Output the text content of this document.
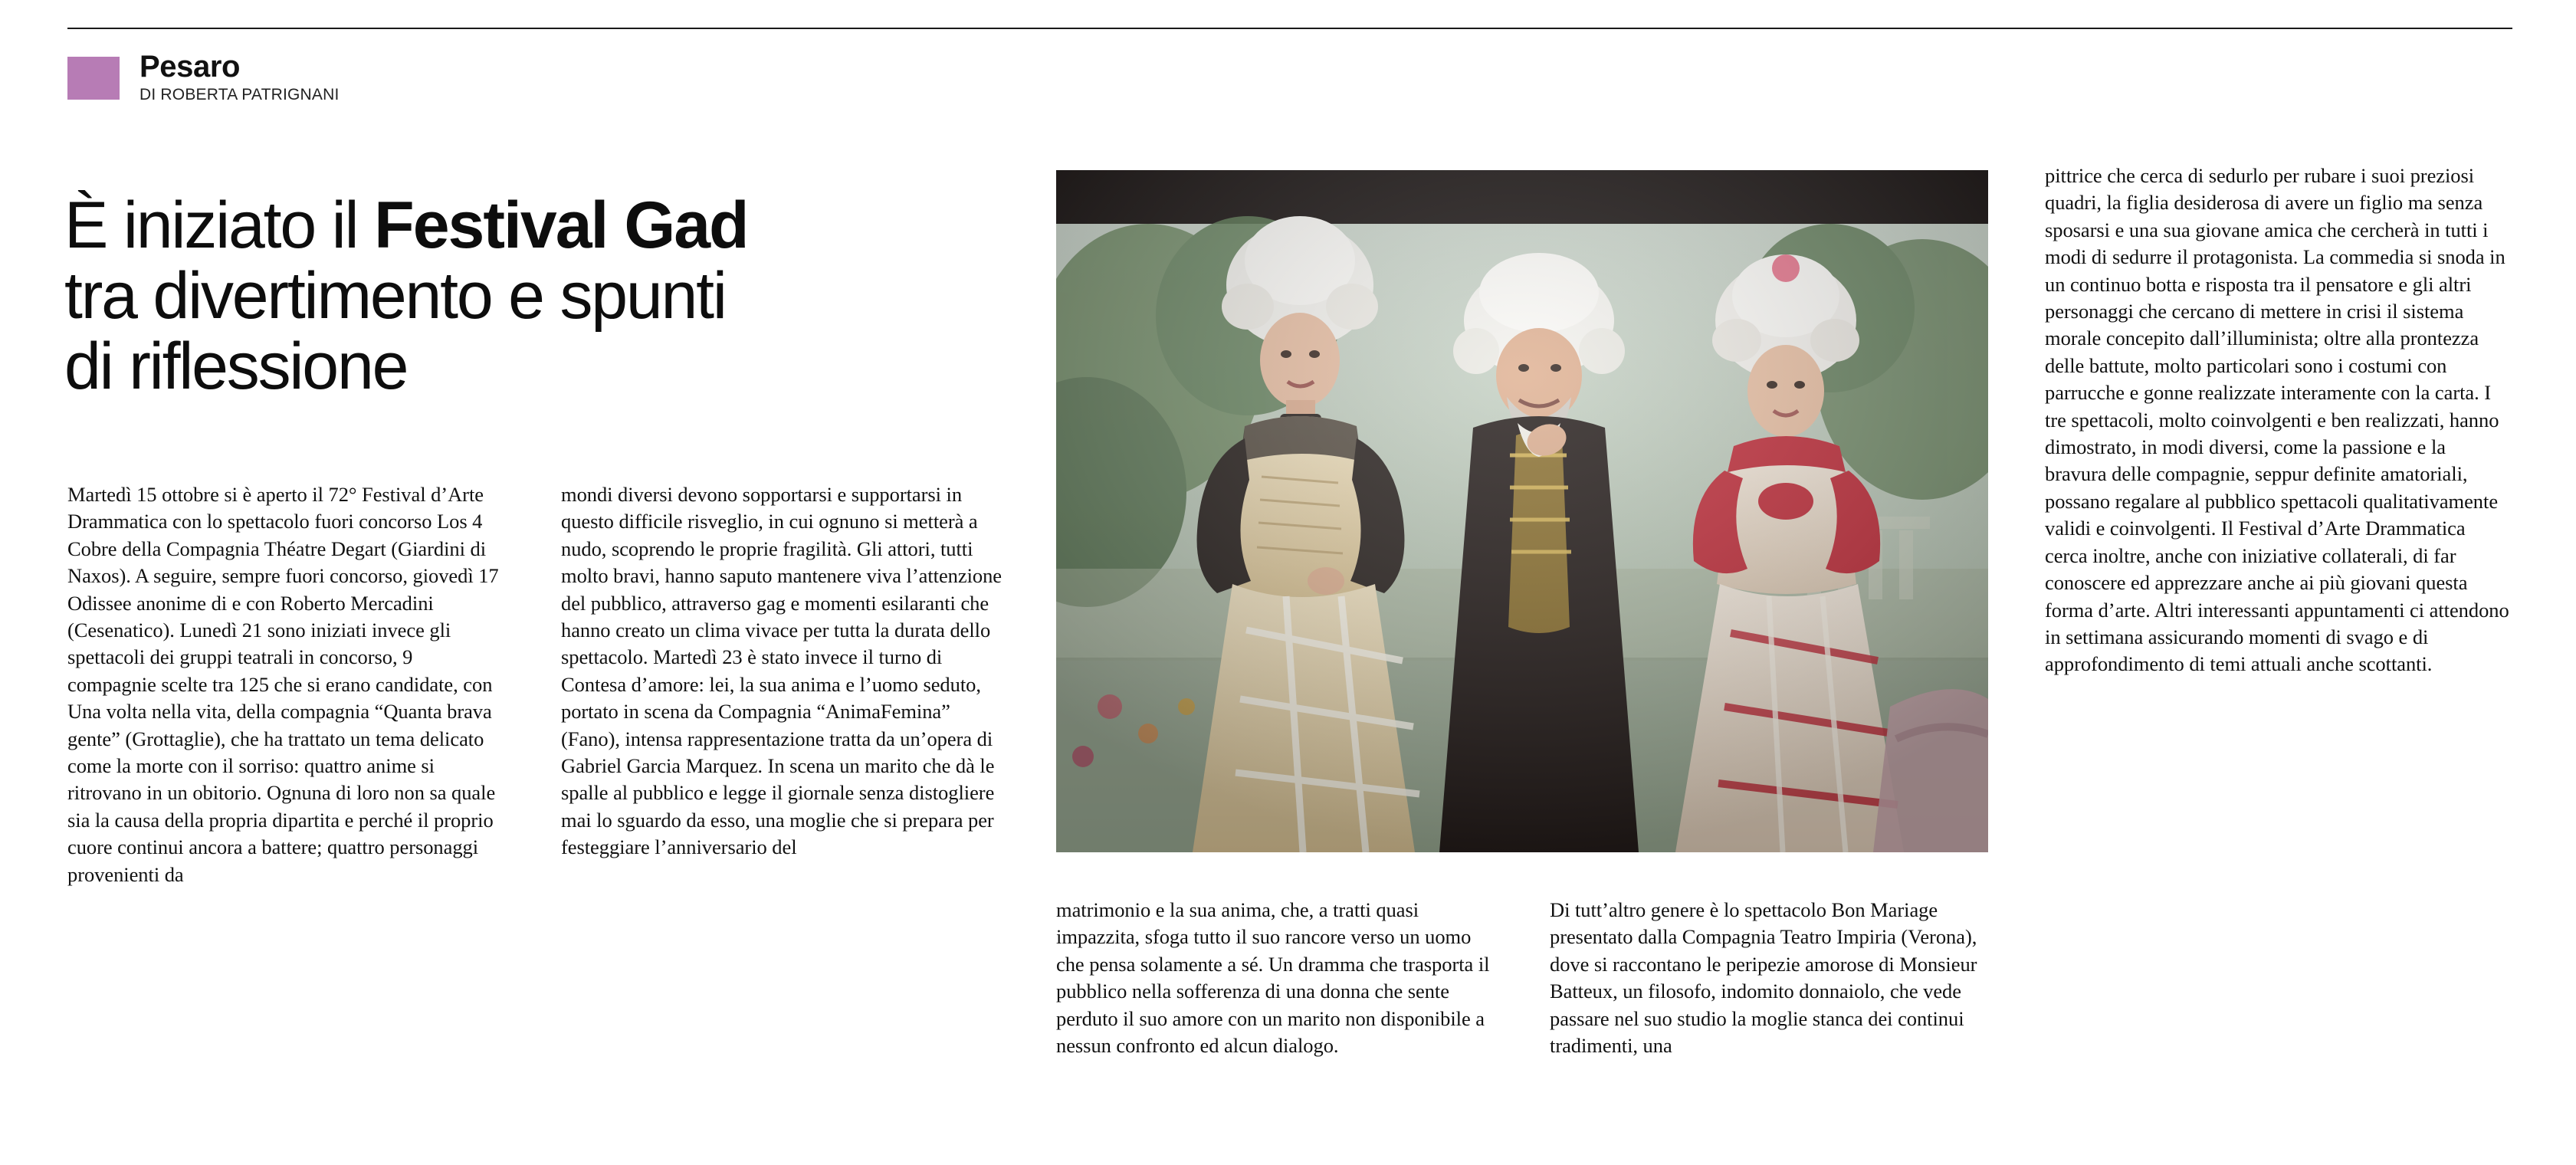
Pesaro
DI ROBERTA PATRIGNANI
È iniziato il Festival Gad
tra divertimento e spunti
di riflessione

Martedì 15 ottobre si è aperto il 72° Festival d’Arte Drammatica con lo spettacolo fuori concorso Los 4 Cobre della Compagnia Théatre Degart (Giardini di Naxos). A seguire, sempre fuori concorso, giovedì 17 Odissee anonime di e con Roberto Mercadini (Cesenatico). Lunedì 21 sono iniziati invece gli spettacoli dei gruppi teatrali in concorso, 9 compagnie scelte tra 125 che si erano candidate, con Una volta nella vita, della compagnia “Quanta brava gente” (Grottaglie), che ha trattato un tema delicato come la morte con il sorriso: quattro anime si ritrovano in un obitorio. Ognuna di loro non sa quale sia la causa della propria dipartita e perché il proprio cuore continui ancora a battere; quattro personaggi provenienti da

mondi diversi devono sopportarsi e supportarsi in questo difficile risveglio, in cui ognuno si metterà a nudo, scoprendo le proprie fragilità. Gli attori, tutti molto bravi, hanno saputo mantenere viva l’attenzione del pubblico, attraverso gag e momenti esilaranti che hanno creato un clima vivace per tutta la durata dello spettacolo. Martedì 23 è stato invece il turno di Contesa d’amore: lei, la sua anima e l’uomo seduto, portato in scena da Compagnia “AnimaFemina” (Fano), intensa rappresentazione tratta da un’opera di Gabriel Garcia Marquez. In scena un marito che dà le spalle al pubblico e legge il giornale senza distogliere mai lo sguardo da esso, una moglie che si prepara per festeggiare l’anniversario del

matrimonio e la sua anima, che, a tratti quasi impazzita, sfoga tutto il suo rancore verso un uomo che pensa solamente a sé. Un dramma che trasporta il pubblico nella sofferenza di una donna che sente perduto il suo amore con un marito non disponibile a nessun confronto ed alcun dialogo.

Di tutt’altro genere è lo spettacolo Bon Mariage presentato dalla Compagnia Teatro Impiria (Verona), dove si raccontano le peripezie amorose di Monsieur Batteux, un filosofo, indomito donnaiolo, che vede passare nel suo studio la moglie stanca dei continui tradimenti, una

pittrice che cerca di sedurlo per rubare i suoi preziosi quadri, la figlia desiderosa di avere un figlio ma senza sposarsi e una sua giovane amica che cercherà in tutti i modi di sedurre il protagonista. La commedia si snoda in un continuo botta e risposta tra il pensatore e gli altri personaggi che cercano di mettere in crisi il sistema morale concepito dall’illuminista; oltre alla prontezza delle battute, molto particolari sono i costumi con parrucche e gonne realizzate interamente con la carta. I tre spettacoli, molto coinvolgenti e ben realizzati, hanno dimostrato, in modi diversi, come la passione e la bravura delle compagnie, seppur definite amatoriali, possano regalare al pubblico spettacoli qualitativamente validi e coinvolgenti. Il Festival d’Arte Drammatica cerca inoltre, anche con iniziative collaterali, di far conoscere ed apprezzare anche ai più giovani questa forma d’arte. Altri interessanti appuntamenti ci attendono in settimana assicurando momenti di svago e di approfondimento di temi attuali anche scottanti.
